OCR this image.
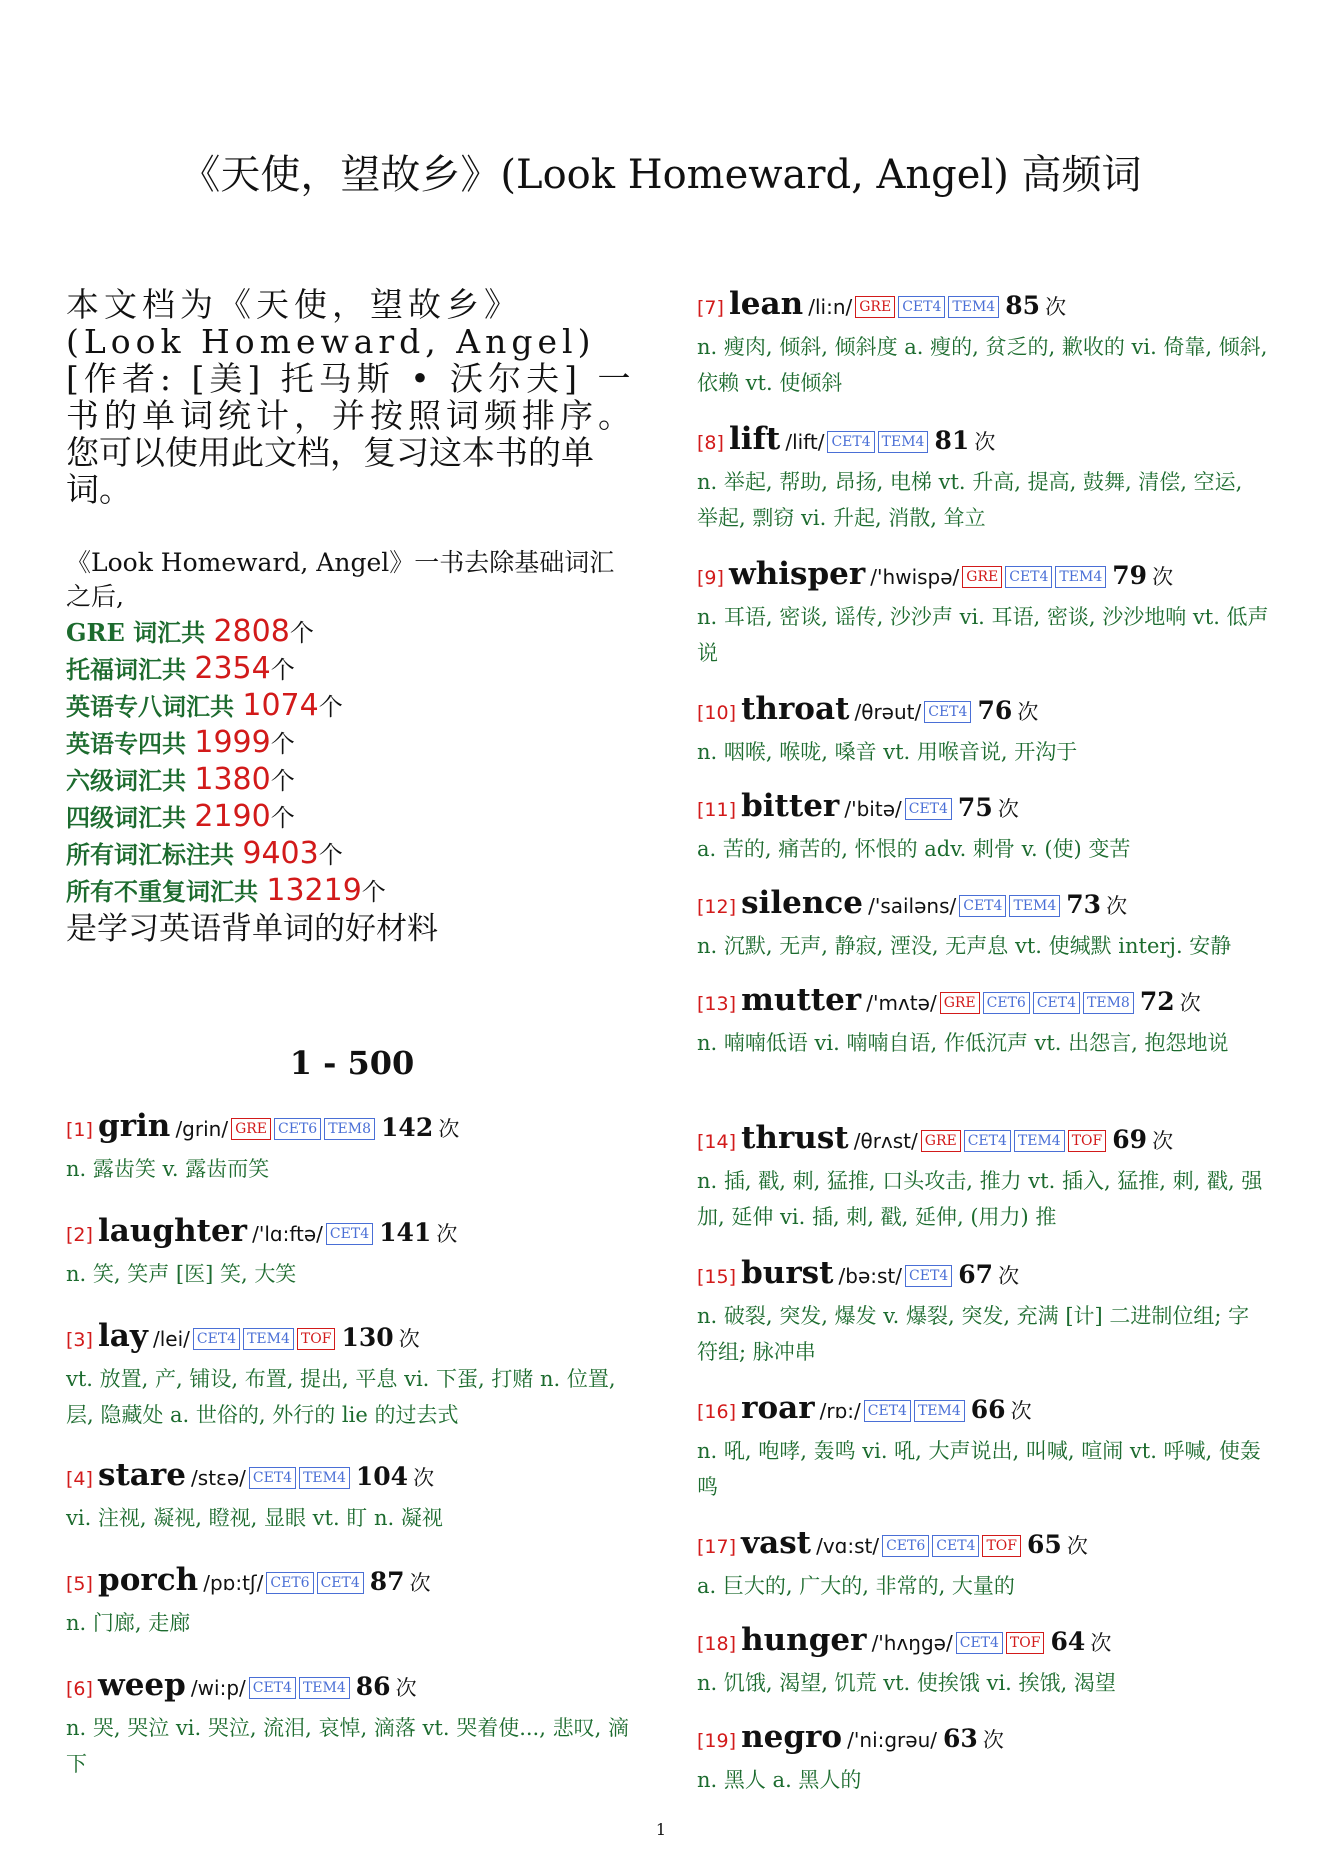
《天使，望故乡》(Look Homeward, Angel) 高频词

本文档为《天使，望故乡》(Look Homeward, Angel)[作者: [美] 托马斯 • 沃尔夫] 一书的单词统计，并按照词频排序。

您可以使用此文档，复习这本书的单词。

《Look Homeward, Angel》一书去除基础词汇之后,
GRE 词汇共 2808个
托福词汇共 2354个
英语专八词汇共 1074个
英语专四共 1999个
六级词汇共 1380个
四级词汇共 2190个
所有词汇标注共 9403个
所有不重复词汇共 13219个
是学习英语背单词的好材料
1 - 500
[1] grin /grin/ GRE CET6 TEM8 142 次
n. 露齿笑 v. 露齿而笑
[2] laughter /'lɑ:ftə/ CET4 141 次
n. 笑, 笑声 [医] 笑, 大笑
[3] lay /lei/ CET4 TEM4 TOF 130 次
vt. 放置, 产, 铺设, 布置, 提出, 平息 vi. 下蛋, 打赌 n. 位置, 层, 隐藏处 a. 世俗的, 外行的 lie 的过去式
[4] stare /stɛə/ CET4 TEM4 104 次
vi. 注视, 凝视, 瞪视, 显眼 vt. 盯 n. 凝视
[5] porch /pɒ:tʃ/ CET6 CET4 87 次
n. 门廊, 走廊
[6] weep /wi:p/ CET4 TEM4 86 次
n. 哭, 哭泣 vi. 哭泣, 流泪, 哀悼, 滴落 vt. 哭着使..., 悲叹, 滴下
[7] lean /li:n/ GRE CET4 TEM4 85 次
n. 瘦肉, 倾斜, 倾斜度 a. 瘦的, 贫乏的, 歉收的 vi. 倚靠, 倾斜, 依赖 vt. 使倾斜
[8] lift /lift/ CET4 TEM4 81 次
n. 举起, 帮助, 昂扬, 电梯 vt. 升高, 提高, 鼓舞, 清偿, 空运, 举起, 剽窃 vi. 升起, 消散, 耸立
[9] whisper /'hwispə/ GRE CET4 TEM4 79 次
n. 耳语, 密谈, 谣传, 沙沙声 vi. 耳语, 密谈, 沙沙地响 vt. 低声说
[10] throat /θrəut/ CET4 76 次
n. 咽喉, 喉咙, 嗓音 vt. 用喉音说, 开沟于
[11] bitter /'bitə/ CET4 75 次
a. 苦的, 痛苦的, 怀恨的 adv. 刺骨 v. (使) 变苦
[12] silence /'sailəns/ CET4 TEM4 73 次
n. 沉默, 无声, 静寂, 湮没, 无声息 vt. 使缄默 interj. 安静
[13] mutter /'mʌtə/ GRE CET6 CET4 TEM8 72 次
n. 喃喃低语 vi. 喃喃自语, 作低沉声 vt. 出怨言, 抱怨地说
[14] thrust /θrʌst/ GRE CET4 TEM4 TOF 69 次
n. 插, 戳, 刺, 猛推, 口头攻击, 推力 vt. 插入, 猛推, 刺, 戳, 强加, 延伸 vi. 插, 刺, 戳, 延伸, (用力) 推
[15] burst /bə:st/ CET4 67 次
n. 破裂, 突发, 爆发 v. 爆裂, 突发, 充满 [计] 二进制位组; 字符组; 脉冲串
[16] roar /rɒ:/ CET4 TEM4 66 次
n. 吼, 咆哮, 轰鸣 vi. 吼, 大声说出, 叫喊, 喧闹 vt. 呼喊, 使轰鸣
[17] vast /vɑ:st/ CET6 CET4 TOF 65 次
a. 巨大的, 广大的, 非常的, 大量的
[18] hunger /'hʌŋgə/ CET4 TOF 64 次
n. 饥饿, 渴望, 饥荒 vt. 使挨饿 vi. 挨饿, 渴望
[19] negro /'ni:grəu/ 63 次
n. 黑人 a. 黑人的
1
